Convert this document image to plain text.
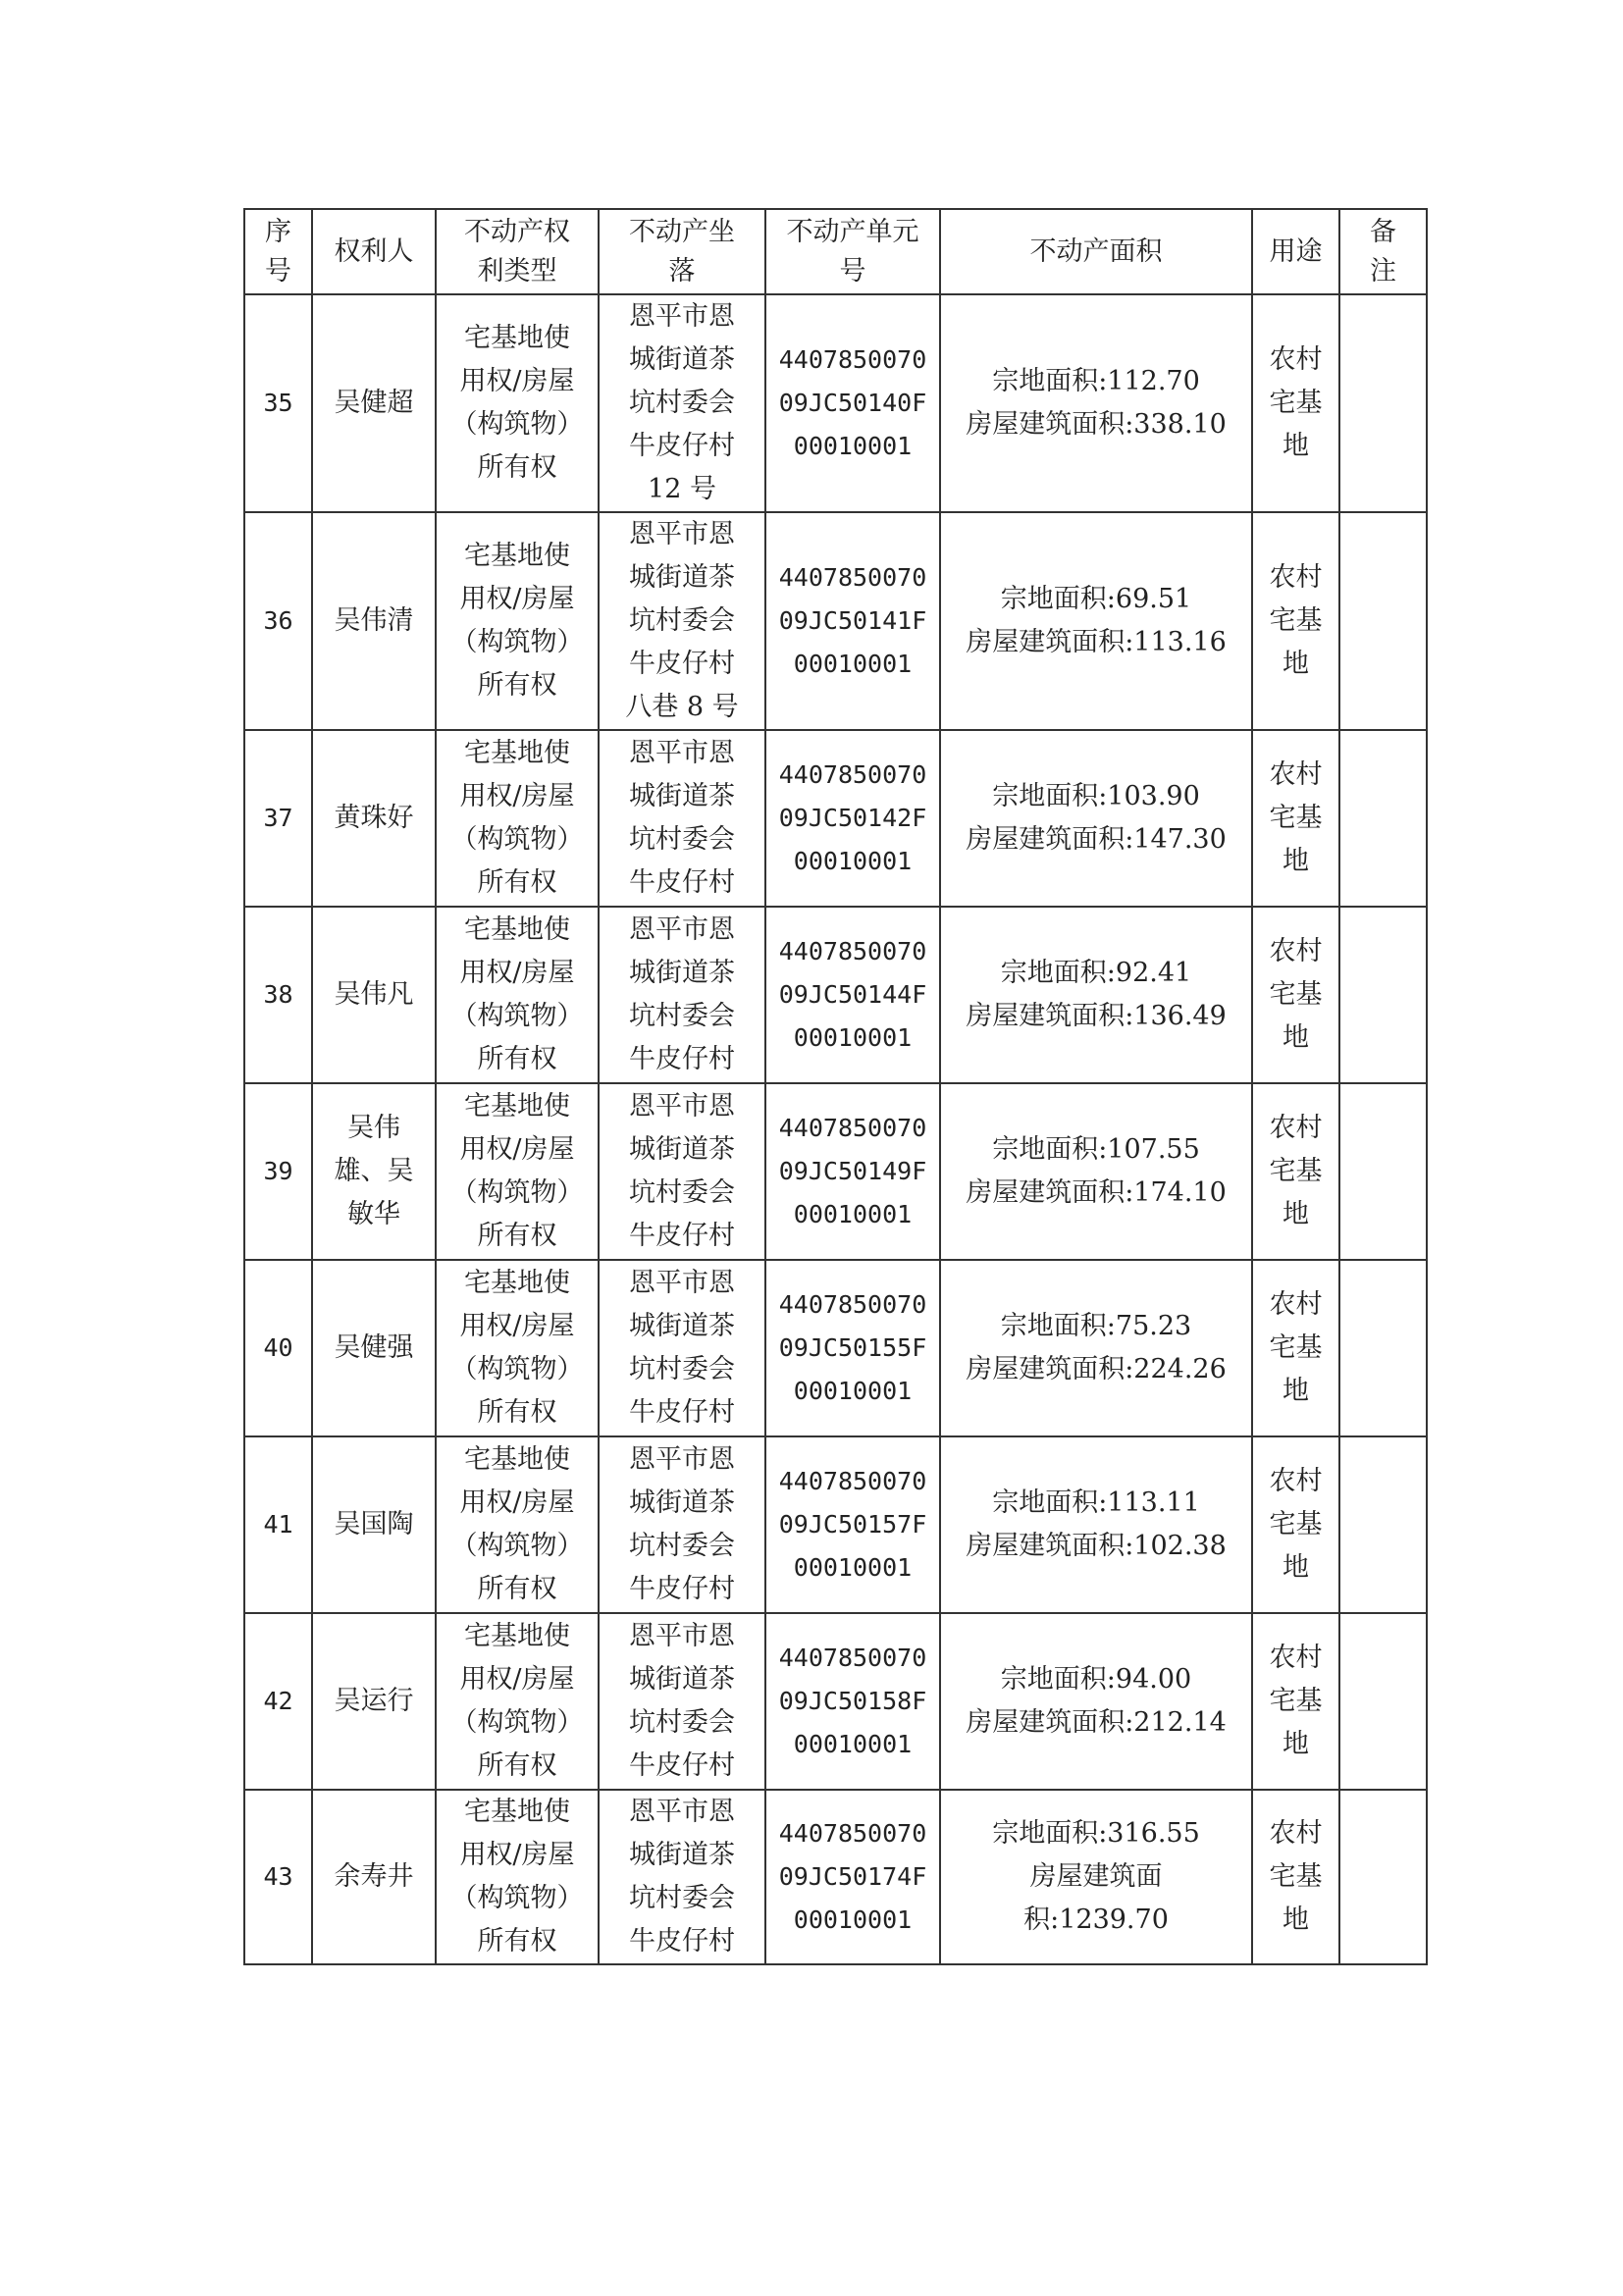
序
号	权利人	不动产权
利类型	不动产坐
落	不动产单元
号	不动产面积	用途	备
注

35	吴健超	宅基地使
用权/房屋
（构筑物）
所有权	恩平市恩
城街道茶
坑村委会
牛皮仔村
12 号	4407850070
09JC50140F
00010001	宗地面积:112.70
房屋建筑面积:338.10	农村
宅基
地	

36	吴伟清	宅基地使
用权/房屋
（构筑物）
所有权	恩平市恩
城街道茶
坑村委会
牛皮仔村
八巷 8 号	4407850070
09JC50141F
00010001	宗地面积:69.51
房屋建筑面积:113.16	农村
宅基
地	

37	黄珠好	宅基地使
用权/房屋
（构筑物）
所有权	恩平市恩
城街道茶
坑村委会
牛皮仔村	4407850070
09JC50142F
00010001	宗地面积:103.90
房屋建筑面积:147.30	农村
宅基
地	

38	吴伟凡	宅基地使
用权/房屋
（构筑物）
所有权	恩平市恩
城街道茶
坑村委会
牛皮仔村	4407850070
09JC50144F
00010001	宗地面积:92.41
房屋建筑面积:136.49	农村
宅基
地	

39	吴伟
雄、吴
敏华	宅基地使
用权/房屋
（构筑物）
所有权	恩平市恩
城街道茶
坑村委会
牛皮仔村	4407850070
09JC50149F
00010001	宗地面积:107.55
房屋建筑面积:174.10	农村
宅基
地	

40	吴健强	宅基地使
用权/房屋
（构筑物）
所有权	恩平市恩
城街道茶
坑村委会
牛皮仔村	4407850070
09JC50155F
00010001	宗地面积:75.23
房屋建筑面积:224.26	农村
宅基
地	

41	吴国陶	宅基地使
用权/房屋
（构筑物）
所有权	恩平市恩
城街道茶
坑村委会
牛皮仔村	4407850070
09JC50157F
00010001	宗地面积:113.11
房屋建筑面积:102.38	农村
宅基
地	

42	吴运行	宅基地使
用权/房屋
（构筑物）
所有权	恩平市恩
城街道茶
坑村委会
牛皮仔村	4407850070
09JC50158F
00010001	宗地面积:94.00
房屋建筑面积:212.14	农村
宅基
地	

43	余寿井	宅基地使
用权/房屋
（构筑物）
所有权	恩平市恩
城街道茶
坑村委会
牛皮仔村	4407850070
09JC50174F
00010001	宗地面积:316.55
房屋建筑面
积:1239.70	农村
宅基
地	
